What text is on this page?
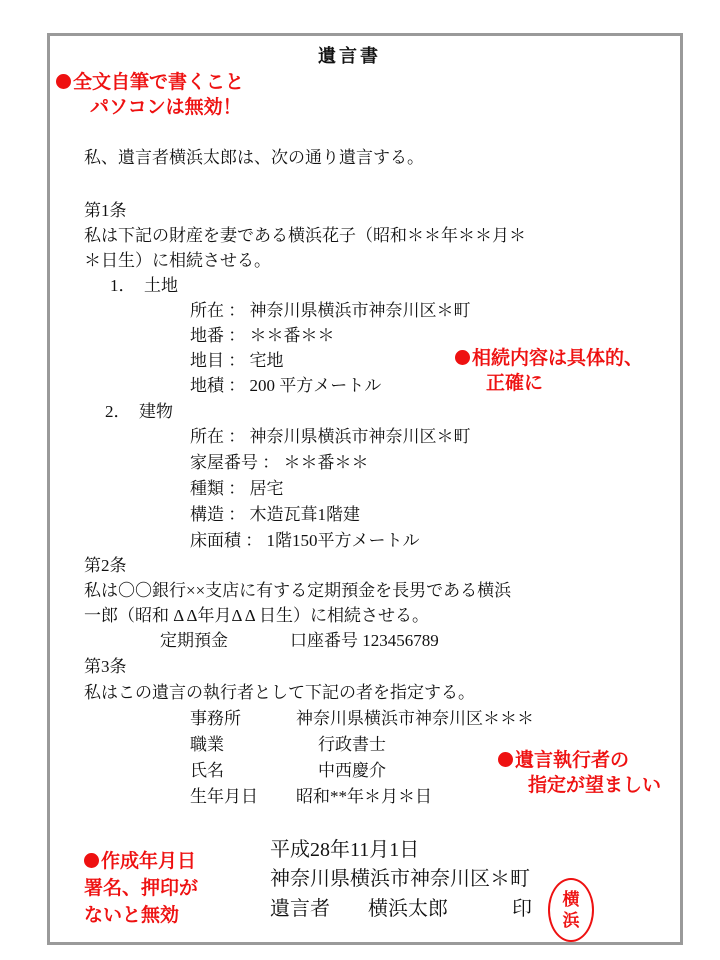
遺言書
私、遺言者横浜太郎は、次の通り遺言する。
第1条
私は下記の財産を妻である横浜花子（昭和＊＊年＊＊月＊
＊日生）に相続させる。
1．　土地
所在 ： 神奈川県横浜市神奈川区＊町
地番 ： ＊＊番＊＊
地目 ： 宅地
地積 ： 200 平方メートル
2．　建物
所在 ： 神奈川県横浜市神奈川区＊町
家屋番号 ： ＊＊番＊＊
種類 ： 居宅
構造 ： 木造瓦葺1階建
床面積 ： 1階150平方メートル
第2条
私は〇〇銀行××支店に有する定期預金を長男である横浜
一郎（昭和 Δ Δ年月Δ Δ 日生）に相続させる。
定期預金	口座番号 123456789
第3条
私はこの遺言の執行者として下記の者を指定する。
事務所	神奈川県横浜市神奈川区＊＊＊
職業	行政書士
氏名	中西慶介
生年月日 昭和**年＊月＊日
平成28年11月1日
神奈川県横浜市神奈川区＊町
遺言者 横浜太郎	印	横
浜
全文自筆で書くこと
パソコンは無効！
相続内容は具体的、
正確に
遺言執行者の
指定が望ましい
作成年月日
署名、押印が
ないと無効
